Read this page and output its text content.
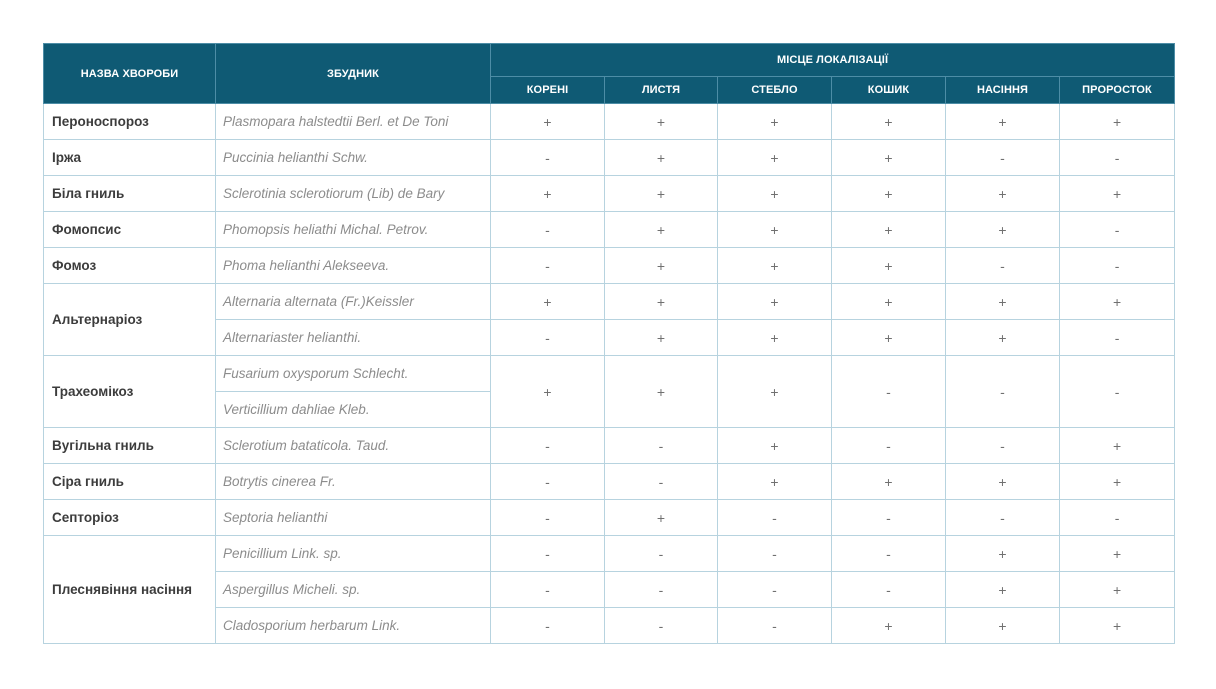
НАЗВА ХВОРОБИ	ЗБУДНИК	МІСЦЕ ЛОКАЛІЗАЦІЇ					
		КОРЕНІ	ЛИСТЯ	СТЕБЛО	КОШИК	НАСІННЯ	ПРОРОСТОК
Пероноспороз	Plasmopara halstedtii Berl. et De Toni	+	+	+	+	+	+
Іржа	Puccinia helianthi Schw.	-	+	+	+	-	-
Біла гниль	Sclerotinia sclerotiorum (Lib) de Bary	+	+	+	+	+	+
Фомопсис	Phomopsis heliathi Michal. Petrov.	-	+	+	+	+	-
Фомоз	Phoma helianthi Alekseeva.	-	+	+	+	-	-
Альтернаріоз	Alternaria alternata (Fr.)Keissler	+	+	+	+	+	+
	Alternariaster helianthi.	-	+	+	+	+	-
Трахеомікоз	Fusarium oxysporum Schlecht.	+	+	+	-	-	-
	Verticillium dahliae Kleb.						
Вугільна гниль	Sclerotium bataticola. Taud.	-	-	+	-	-	+
Сіра гниль	Botrytis cinerea Fr.	-	-	+	+	+	+
Септоріоз	Septoria helianthi	-	+	-	-	-	-
Плеснявіння насіння	Penicillium Link. sp.	-	-	-	-	+	+
	Aspergillus Micheli. sp.	-	-	-	-	+	+
	Cladosporium herbarum Link.	-	-	-	+	+	+
